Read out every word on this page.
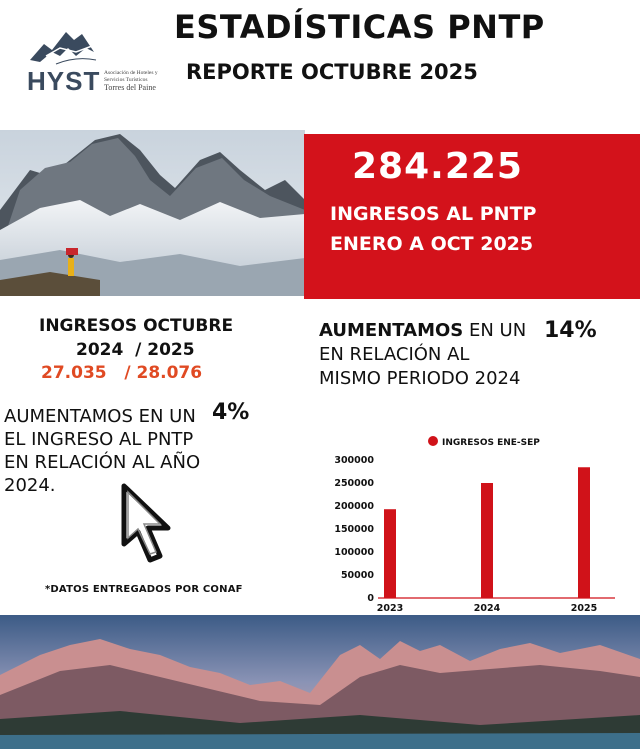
HYST Asociación de Hoteles y Servicios Turísticos
Torres del Paine
ESTADÍSTICAS PNTP
REPORTE OCTUBRE 2025
284.225
INGRESOS AL PNTP
ENERO A OCT 2025
INGRESOS OCTUBRE
2024  / 2025
27.035   / 28.076
AUMENTAMOS EN UN 4%
EL INGRESO AL PNTP
EN RELACIÓN AL AÑO
2024.
*DATOS ENTREGADOS POR CONAF
AUMENTAMOS EN UN 14%
EN RELACIÓN AL
MISMO PERIODO 2024
INGRESOS ENE-SEP
0
50000
100000
150000
200000
250000
300000
2023	2024	2025
